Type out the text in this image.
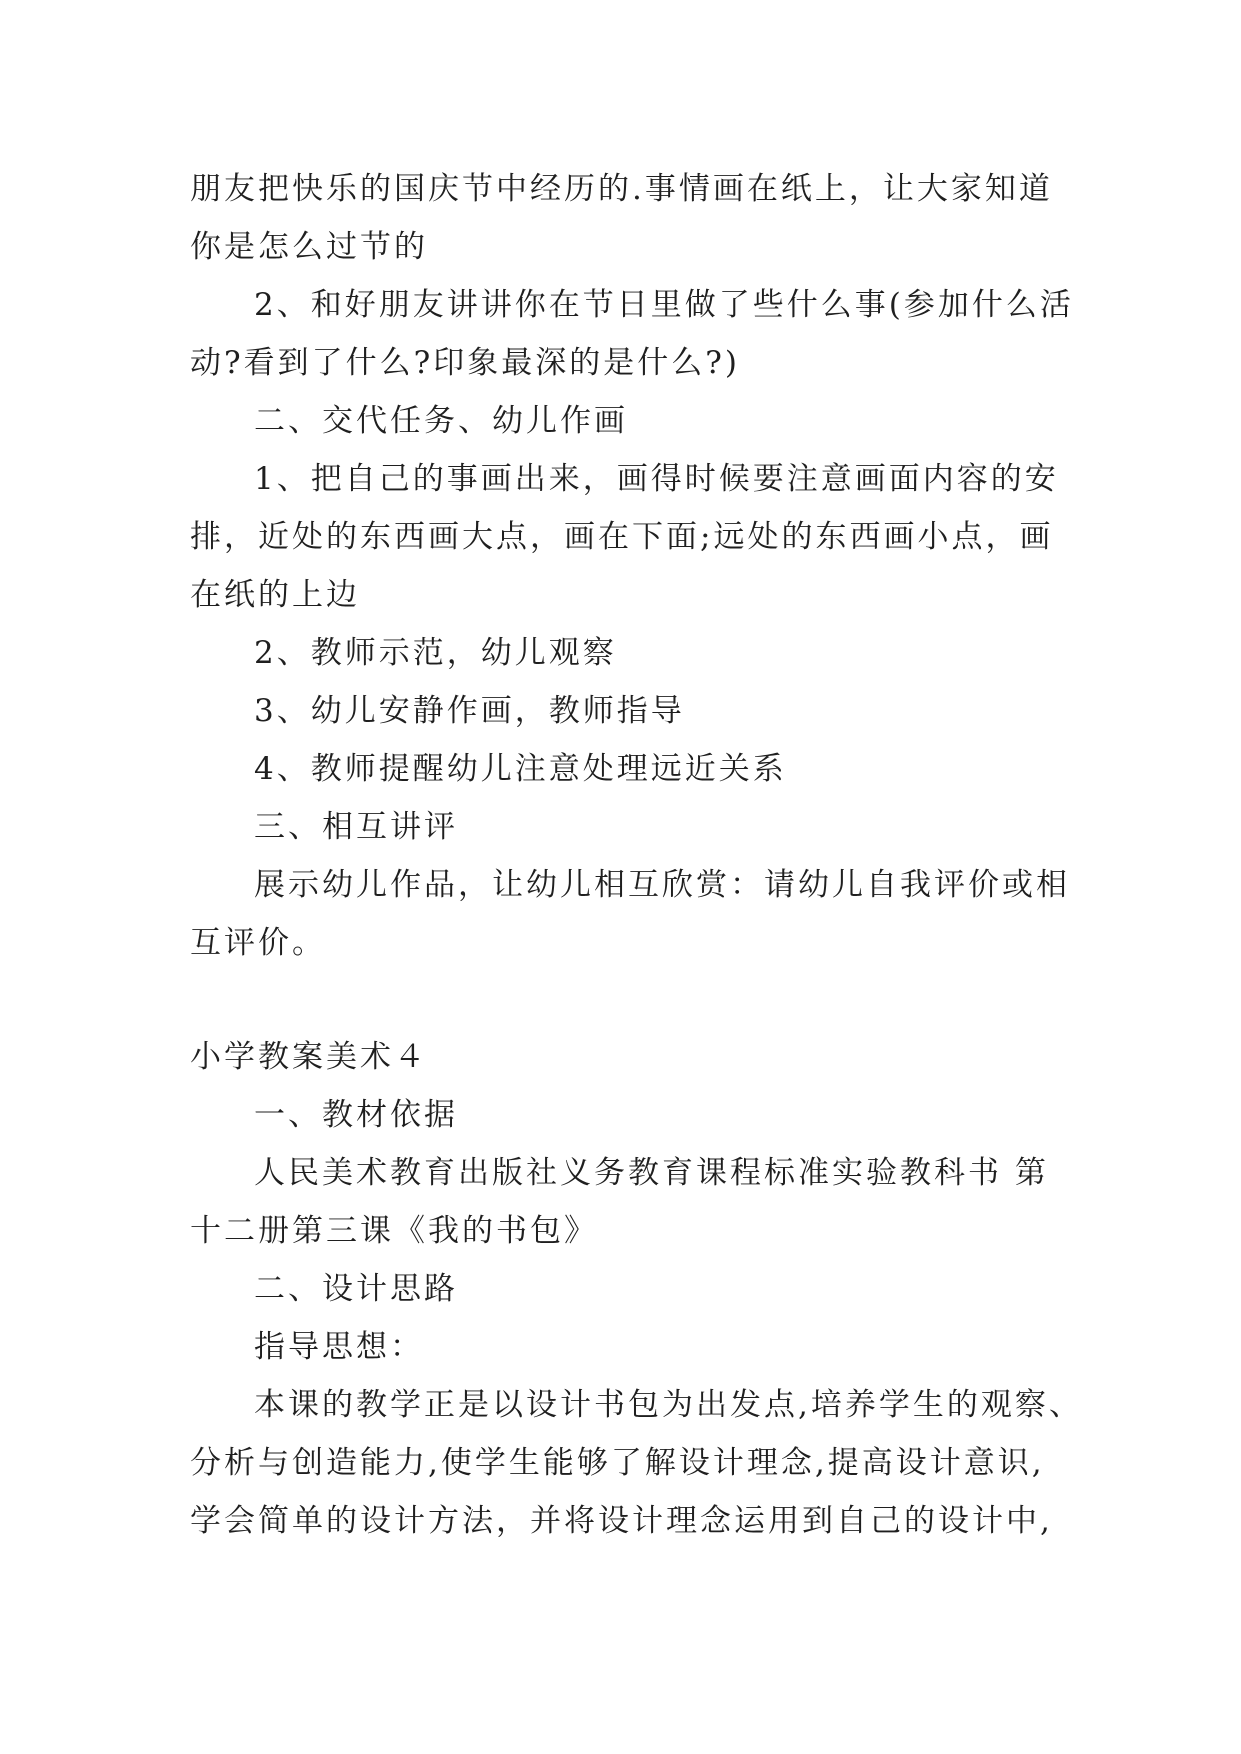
朋友把快乐的国庆节中经历的.事情画在纸上，让大家知道
你是怎么过节的
2、和好朋友讲讲你在节日里做了些什么事(参加什么活
动?看到了什么?印象最深的是什么?)
二、交代任务、幼儿作画
1、把自己的事画出来，画得时候要注意画面内容的安
排，近处的东西画大点，画在下面;远处的东西画小点，画
在纸的上边
2、教师示范，幼儿观察
3、幼儿安静作画，教师指导
4、教师提醒幼儿注意处理远近关系
三、相互讲评
展示幼儿作品，让幼儿相互欣赏：请幼儿自我评价或相
互评价。
小学教案美术４
一、教材依据
人民美术教育出版社义务教育课程标准实验教科书 第
十二册第三课《我的书包》
二、设计思路
指导思想：
本课的教学正是以设计书包为出发点,培养学生的观察、
分析与创造能力,使学生能够了解设计理念,提高设计意识,
学会简单的设计方法，并将设计理念运用到自己的设计中,
